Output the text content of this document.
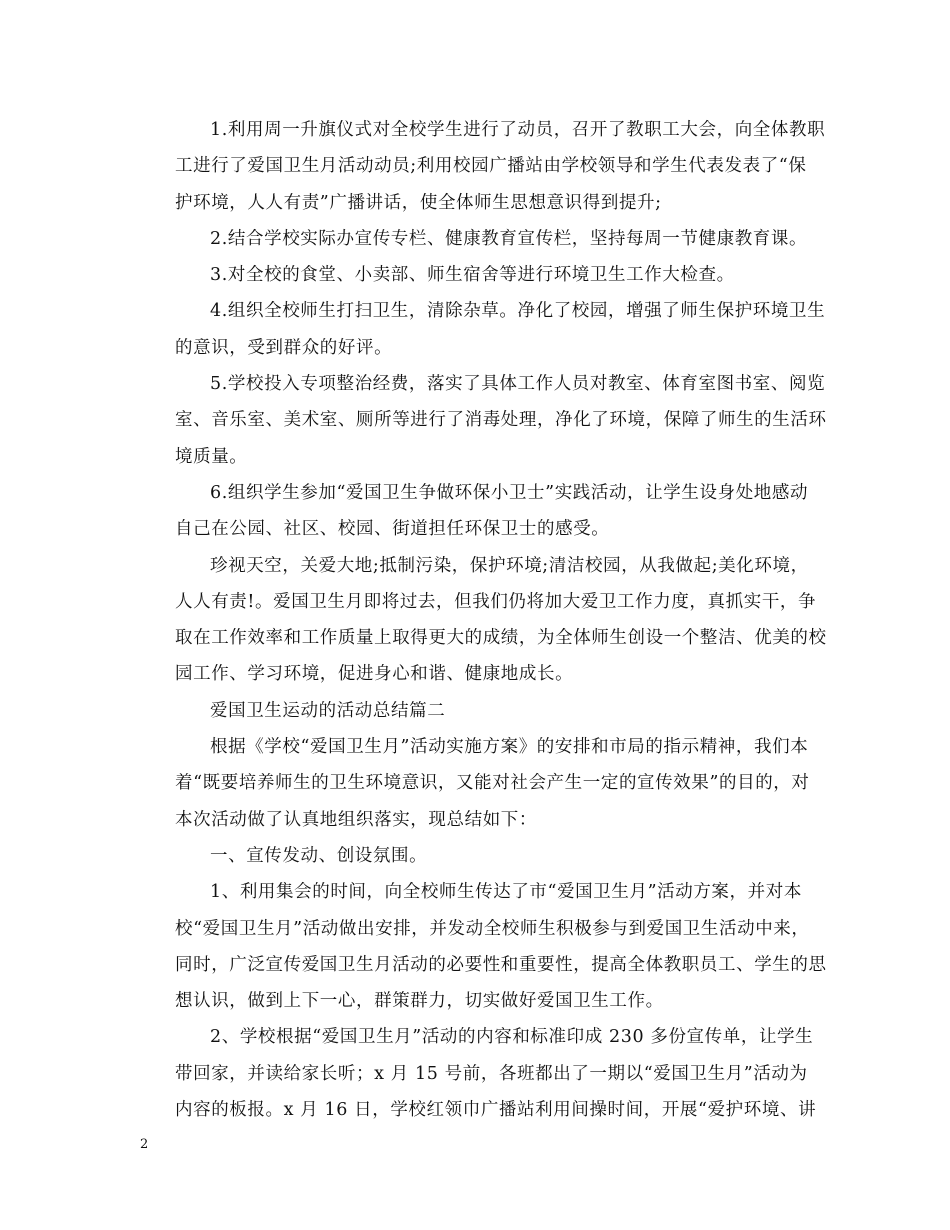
1.利用周一升旗仪式对全校学生进行了动员，召开了教职工大会，向全体教职
工进行了爱国卫生月活动动员;利用校园广播站由学校领导和学生代表发表了“保
护环境，人人有责”广播讲话，使全体师生思想意识得到提升;
2.结合学校实际办宣传专栏、健康教育宣传栏，坚持每周一节健康教育课。
3.对全校的食堂、小卖部、师生宿舍等进行环境卫生工作大检查。
4.组织全校师生打扫卫生，清除杂草。净化了校园，增强了师生保护环境卫生
的意识，受到群众的好评。
5.学校投入专项整治经费，落实了具体工作人员对教室、体育室图书室、阅览
室、音乐室、美术室、厕所等进行了消毒处理，净化了环境，保障了师生的生活环
境质量。
6.组织学生参加“爱国卫生争做环保小卫士”实践活动，让学生设身处地感动
自己在公园、社区、校园、街道担任环保卫士的感受。
珍视天空，关爱大地;抵制污染，保护环境;清洁校园，从我做起;美化环境，
人人有责!。爱国卫生月即将过去，但我们仍将加大爱卫工作力度，真抓实干，争
取在工作效率和工作质量上取得更大的成绩，为全体师生创设一个整洁、优美的校
园工作、学习环境，促进身心和谐、健康地成长。
爱国卫生运动的活动总结篇二
根据《学校“爱国卫生月”活动实施方案》的安排和市局的指示精神，我们本
着“既要培养师生的卫生环境意识，又能对社会产生一定的宣传效果”的目的，对
本次活动做了认真地组织落实，现总结如下：
一、宣传发动、创设氛围。
1、利用集会的时间，向全校师生传达了市“爱国卫生月”活动方案，并对本
校“爱国卫生月”活动做出安排，并发动全校师生积极参与到爱国卫生活动中来，
同时，广泛宣传爱国卫生月活动的必要性和重要性，提高全体教职员工、学生的思
想认识，做到上下一心，群策群力，切实做好爱国卫生工作。
2、学校根据“爱国卫生月”活动的内容和标准印成 230 多份宣传单，让学生
带回家，并读给家长听；x 月 15 号前，各班都出了一期以“爱国卫生月”活动为
内容的板报。x 月 16 日，学校红领巾广播站利用间操时间，开展“爱护环境、讲
2
